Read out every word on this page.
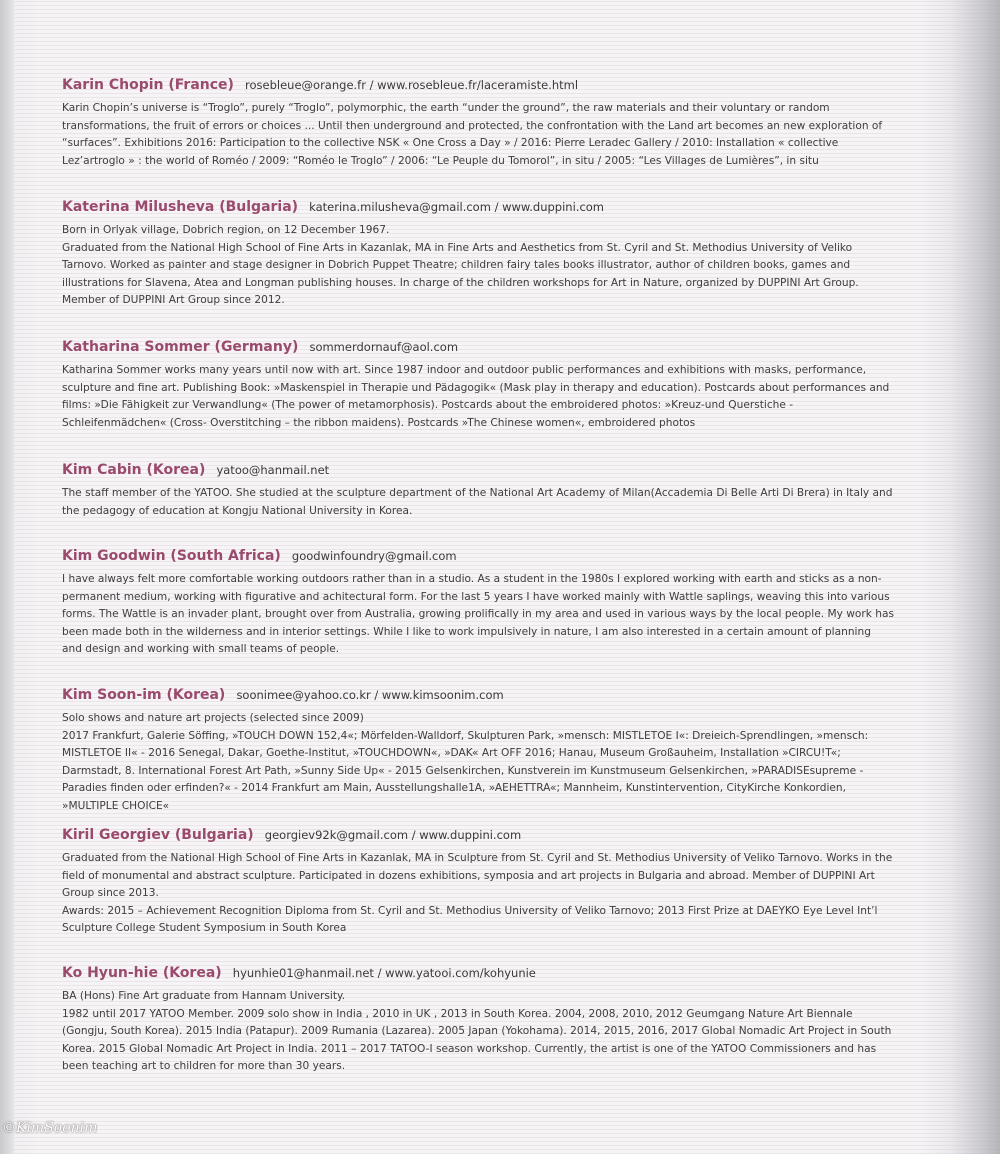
Karin Chopin (France) rosebleue@orange.fr / www.rosebleue.fr/laceramiste.html

Karin Chopin’s universe is “Troglo”, purely “Troglo”, polymorphic, the earth “under the ground”, the raw materials and their voluntary or random transformations, the fruit of errors or choices ... Until then underground and protected, the confrontation with the Land art becomes an new exploration of “surfaces”. Exhibitions 2016: Participation to the collective NSK « One Cross a Day » / 2016: Pierre Leradec Gallery / 2010: Installation « collective Lez’artroglo » : the world of Roméo / 2009: “Roméo le Troglo” / 2006: “Le Peuple du Tomorol”, in situ / 2005: “Les Villages de Lumières”, in situ

Katerina Milusheva (Bulgaria) katerina.milusheva@gmail.com / www.duppini.com

Born in Orlyak village, Dobrich region, on 12 December 1967.

Graduated from the National High School of Fine Arts in Kazanlak, MA in Fine Arts and Aesthetics from St. Cyril and St. Methodius University of Veliko Tarnovo. Worked as painter and stage designer in Dobrich Puppet Theatre; children fairy tales books illustrator, author of children books, games and illustrations for Slavena, Atea and Longman publishing houses. In charge of the children workshops for Art in Nature, organized by DUPPINI Art Group.

Member of DUPPINI Art Group since 2012.

Katharina Sommer (Germany) sommerdornauf@aol.com

Katharina Sommer works many years until now with art. Since 1987 indoor and outdoor public performances and exhibitions with masks, performance, sculpture and fine art. Publishing Book: »Maskenspiel in Therapie und Pädagogik« (Mask play in therapy and education). Postcards about performances and films: »Die Fähigkeit zur Verwandlung« (The power of metamorphosis). Postcards about the embroidered photos: »Kreuz-und Querstiche - Schleifenmädchen« (Cross- Overstitching – the ribbon maidens). Postcards »The Chinese women«, embroidered photos

Kim Cabin (Korea) yatoo@hanmail.net

The staff member of the YATOO. She studied at the sculpture department of the National Art Academy of Milan(Accademia Di Belle Arti Di Brera) in Italy and the pedagogy of education at Kongju National University in Korea.

Kim Goodwin (South Africa) goodwinfoundry@gmail.com

I have always felt more comfortable working outdoors rather than in a studio. As a student in the 1980s I explored working with earth and sticks as a non-permanent medium, working with figurative and achitectural form. For the last 5 years I have worked mainly with Wattle saplings, weaving this into various forms. The Wattle is an invader plant, brought over from Australia, growing prolifically in my area and used in various ways by the local people. My work has been made both in the wilderness and in interior settings. While I like to work impulsively in nature, I am also interested in a certain amount of planning and design and working with small teams of people.

Kim Soon-im (Korea) soonimee@yahoo.co.kr / www.kimsoonim.com

Solo shows and nature art projects (selected since 2009)

2017 Frankfurt, Galerie Söffing, »TOUCH DOWN 152,4«; Mörfelden-Walldorf, Skulpturen Park, »mensch: MISTLETOE I«: Dreieich-Sprendlingen, »mensch: MISTLETOE II« - 2016 Senegal, Dakar, Goethe-Institut, »TOUCHDOWN«, »DAK« Art OFF 2016; Hanau, Museum Großauheim, Installation »CIRCU!T«; Darmstadt, 8. International Forest Art Path, »Sunny Side Up« - 2015 Gelsenkirchen, Kunstverein im Kunstmuseum Gelsenkirchen, »PARADISEsupreme -Paradies finden oder erfinden?« - 2014 Frankfurt am Main, Ausstellungshalle1A, »AEHETTRA«; Mannheim, Kunstintervention, CityKirche Konkordien, »MULTIPLE CHOICE«

Kiril Georgiev (Bulgaria) georgiev92k@gmail.com / www.duppini.com

Graduated from the National High School of Fine Arts in Kazanlak, MA in Sculpture from St. Cyril and St. Methodius University of Veliko Tarnovo. Works in the field of monumental and abstract sculpture. Participated in dozens exhibitions, symposia and art projects in Bulgaria and abroad. Member of DUPPINI Art Group since 2013.

Awards: 2015 – Achievement Recognition Diploma from St. Cyril and St. Methodius University of Veliko Tarnovo; 2013 First Prize at DAEYKO Eye Level Int’l Sculpture College Student Symposium in South Korea

Ko Hyun-hie (Korea) hyunhie01@hanmail.net / www.yatooi.com/kohyunie

BA (Hons) Fine Art graduate from Hannam University.

1982 until 2017 YATOO Member. 2009 solo show in India , 2010 in UK , 2013 in South Korea. 2004, 2008, 2010, 2012 Geumgang Nature Art Biennale (Gongju, South Korea). 2015 India (Patapur). 2009 Rumania (Lazarea). 2005 Japan (Yokohama). 2014, 2015, 2016, 2017 Global Nomadic Art Project in South Korea. 2015 Global Nomadic Art Project in India. 2011 – 2017 TATOO-I season workshop. Currently, the artist is one of the YATOO Commissioners and has been teaching art to children for more than 30 years.

©KimSoonim
